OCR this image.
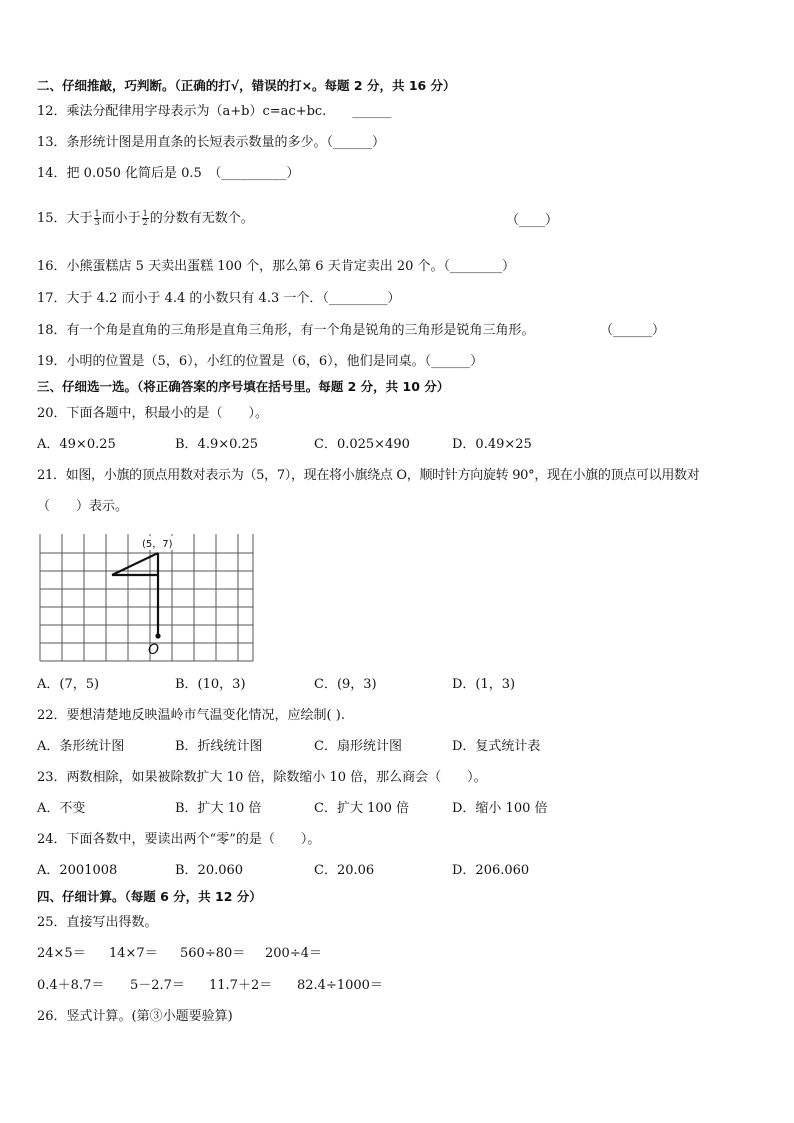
二、仔细推敲，巧判断。（正确的打√，错误的打×。每题 2 分，共 16 分）
12．乘法分配律用字母表示为（a+b）c=ac+bc.　　______
13．条形统计图是用直条的长短表示数量的多少。（______）
14．把 0.050 化简后是 0.5　（__________）
15．大于 $\frac{1}{3}$ 而小于 $\frac{1}{2}$ 的分数有无数个。	（____）
16．小熊蛋糕店 5 天卖出蛋糕 100 个，那么第 6 天肯定卖出 20 个。（________）
17．大于 4.2 而小于 4.4 的小数只有 4.3 一个．（_________）
18．有一个角是直角的三角形是直角三角形，有一个角是锐角的三角形是锐角三角形。	（______）
19．小明的位置是（5，6），小红的位置是（6，6），他们是同桌。（______）
三、仔细选一选。（将正确答案的序号填在括号里。每题 2 分，共 10 分）
20．下面各题中，积最小的是（　　）。
A．49×0.25	B．4.9×0.25	C．0.025×490	D．0.49×25
21．如图，小旗的顶点用数对表示为（5，7），现在将小旗绕点 O，顺时针方向旋转 90°，现在小旗的顶点可以用数对
（　　）表示。
(5，7)
O
A．(7，5)	B．(10，3)	C．(9，3)	D．(1，3)
22．要想清楚地反映温岭市气温变化情况，应绘制( ).
A．条形统计图	B．折线统计图	C．扇形统计图	D．复式统计表
23．两数相除，如果被除数扩大 10 倍，除数缩小 10 倍，那么商会（　　）。
A．不变	B．扩大 10 倍	C．扩大 100 倍	D．缩小 100 倍
24．下面各数中，要读出两个“零”的是（　　）。
A．2001008	B．20.060	C．20.06	D．206.060
四、仔细计算。（每题 6 分，共 12 分）
25．直接写出得数。
24×5＝ 14×7＝ 560÷80＝ 200÷4＝
0.4＋8.7＝ 5－2.7＝ 11.7＋2＝ 82.4÷1000＝
26．竖式计算。(第③小题要验算)
